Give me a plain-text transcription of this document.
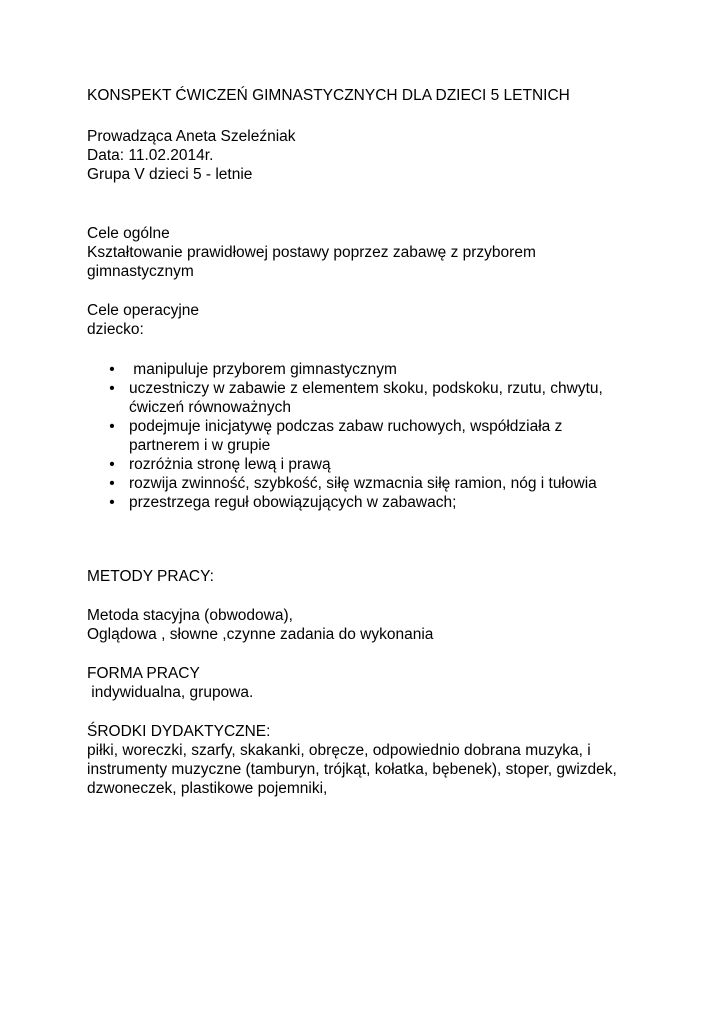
KONSPEKT ĆWICZEŃ GIMNASTYCZNYCH DLA DZIECI 5 LETNICH
Prowadząca Aneta Szeleźniak
Data: 11.02.2014r.
Grupa V dzieci 5 - letnie
Cele ogólne
Kształtowanie prawidłowej postawy poprzez zabawę z przyborem
gimnastycznym
Cele operacyjne
dziecko:
• manipuluje przyborem gimnastycznym
• uczestniczy w zabawie z elementem skoku, podskoku, rzutu, chwytu,
ćwiczeń równoważnych
• podejmuje inicjatywę podczas zabaw ruchowych, współdziała z
partnerem i w grupie
• rozróżnia stronę lewą i prawą
• rozwija zwinność, szybkość, siłę wzmacnia siłę ramion, nóg i tułowia
• przestrzega reguł obowiązujących w zabawach;
METODY PRACY:
Metoda stacyjna (obwodowa),
Oglądowa , słowne ,czynne zadania do wykonania
FORMA PRACY
indywidualna, grupowa.
ŚRODKI DYDAKTYCZNE:
piłki, woreczki, szarfy, skakanki, obręcze, odpowiednio dobrana muzyka, i
instrumenty muzyczne (tamburyn, trójkąt, kołatka, bębenek), stoper, gwizdek,
dzwoneczek, plastikowe pojemniki,
